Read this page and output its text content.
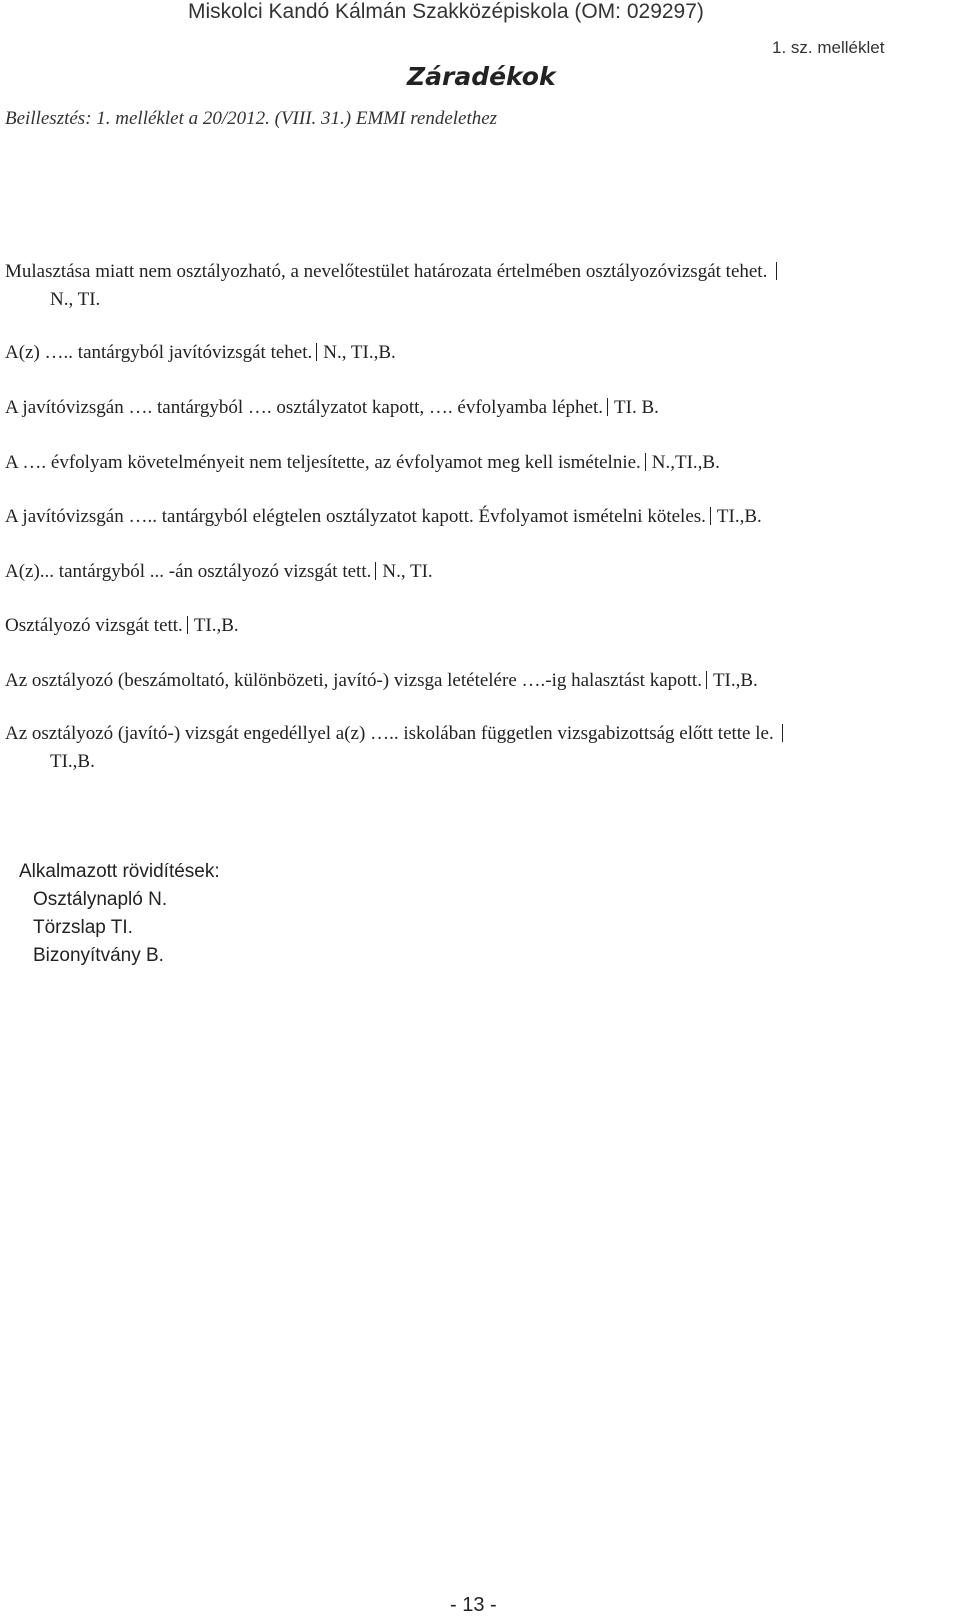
Miskolci Kandó Kálmán Szakközépiskola (OM: 029297)
1. sz. melléklet
Záradékok
Beillesztés: 1. melléklet a 20/2012. (VIII. 31.) EMMI rendelethez
Mulasztása miatt nem osztályozható, a nevelőtestület határozata értelmében osztályozóvizsgát tehet.
N., TI.
A(z) ….. tantárgyból javítóvizsgát tehet. N., TI.,B.
A javítóvizsgán …. tantárgyból …. osztályzatot kapott, …. évfolyamba léphet. TI. B.
A …. évfolyam követelményeit nem teljesítette, az évfolyamot meg kell ismételnie. N.,TI.,B.
A javítóvizsgán ….. tantárgyból elégtelen osztályzatot kapott. Évfolyamot ismételni köteles. TI.,B.
A(z)... tantárgyból ... -án osztályozó vizsgát tett. N., TI.
Osztályozó vizsgát tett. TI.,B.
Az osztályozó (beszámoltató, különbözeti, javító-) vizsga letételére ….-ig halasztást kapott. TI.,B.
Az osztályozó (javító-) vizsgát engedéllyel a(z) ….. iskolában független vizsgabizottság előtt tette le.
TI.,B.
Alkalmazott rövidítések:
Osztálynapló N.
Törzslap TI.
Bizonyítvány B.
- 13 -
